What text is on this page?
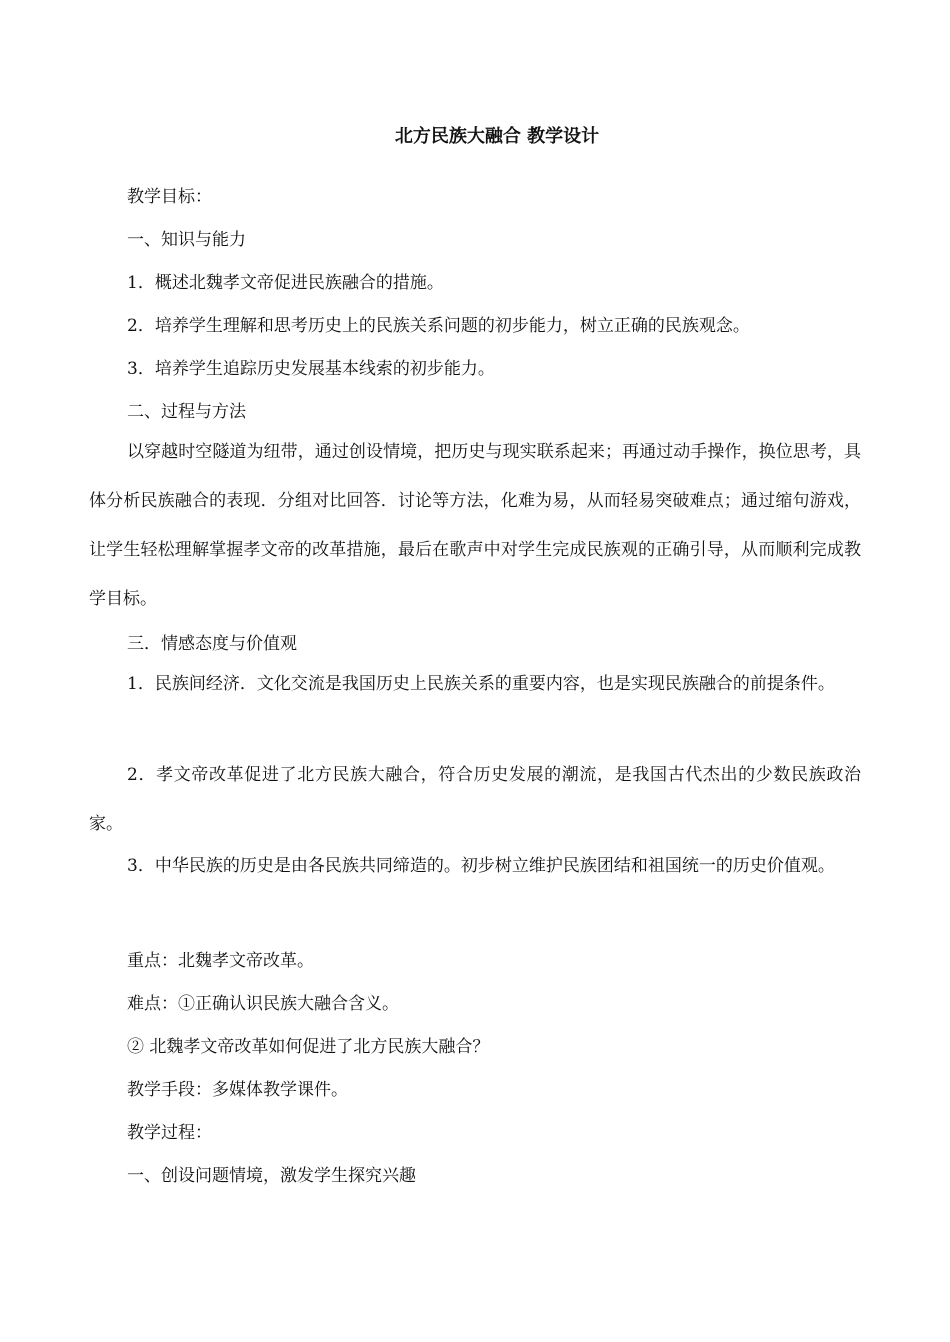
北方民族大融合 教学设计
教学目标：
一、知识与能力
1．概述北魏孝文帝促进民族融合的措施。
2．培养学生理解和思考历史上的民族关系问题的初步能力，树立正确的民族观念。
3．培养学生追踪历史发展基本线索的初步能力。
二、过程与方法

以穿越时空隧道为纽带，通过创设情境，把历史与现实联系起来；再通过动手操作，换位思考，具体分析民族融合的表现．分组对比回答．讨论等方法，化难为易，从而轻易突破难点；通过缩句游戏，让学生轻松理解掌握孝文帝的改革措施，最后在歌声中对学生完成民族观的正确引导，从而顺利完成教学目标。

三．情感态度与价值观

1．民族间经济．文化交流是我国历史上民族关系的重要内容，也是实现民族融合的前提条件。

2．孝文帝改革促进了北方民族大融合，符合历史发展的潮流，是我国古代杰出的少数民族政治家。

3．中华民族的历史是由各民族共同缔造的。初步树立维护民族团结和祖国统一的历史价值观。

重点：北魏孝文帝改革。
难点：①正确认识民族大融合含义。
② 北魏孝文帝改革如何促进了北方民族大融合？
教学手段：多媒体教学课件。
教学过程：
一、创设问题情境，激发学生探究兴趣
